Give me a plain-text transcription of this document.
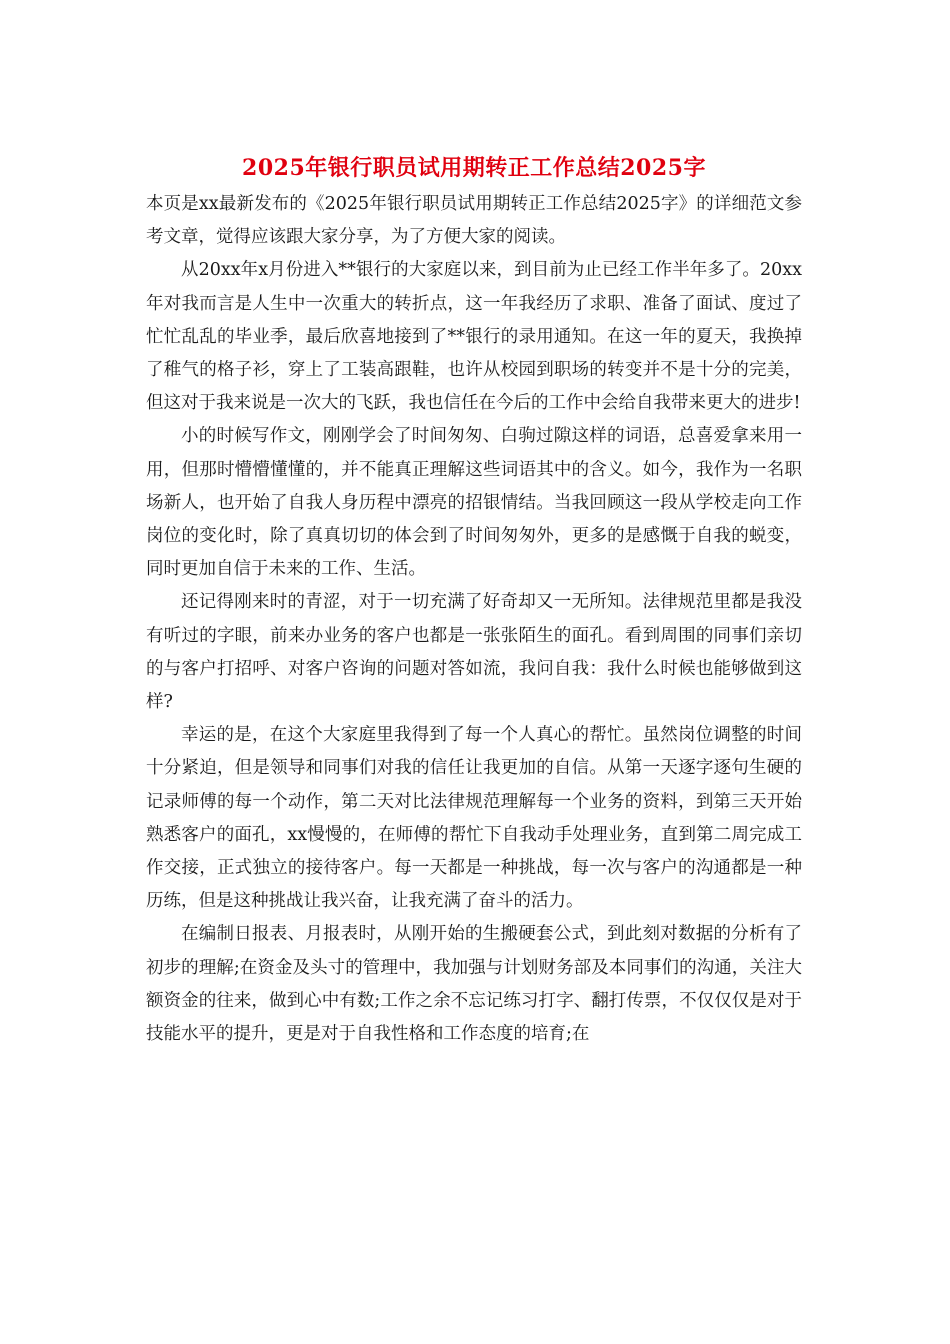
2025年银行职员试用期转正工作总结2025字

本页是xx最新发布的《2025年银行职员试用期转正工作总结2025字》的详细范文参考文章，觉得应该跟大家分享，为了方便大家的阅读。

从20xx年x月份进入**银行的大家庭以来，到目前为止已经工作半年多了。20xx年对我而言是人生中一次重大的转折点，这一年我经历了求职、准备了面试、度过了忙忙乱乱的毕业季，最后欣喜地接到了**银行的录用通知。在这一年的夏天，我换掉了稚气的格子衫，穿上了工装高跟鞋，也许从校园到职场的转变并不是十分的完美，但这对于我来说是一次大的飞跃，我也信任在今后的工作中会给自我带来更大的进步!

小的时候写作文，刚刚学会了时间匆匆、白驹过隙这样的词语，总喜爱拿来用一用，但那时懵懵懂懂的，并不能真正理解这些词语其中的含义。如今，我作为一名职场新人，也开始了自我人身历程中漂亮的招银情结。当我回顾这一段从学校走向工作岗位的变化时，除了真真切切的体会到了时间匆匆外，更多的是感慨于自我的蜕变，同时更加自信于未来的工作、生活。

还记得刚来时的青涩，对于一切充满了好奇却又一无所知。法律规范里都是我没有听过的字眼，前来办业务的客户也都是一张张陌生的面孔。看到周围的同事们亲切的与客户打招呼、对客户咨询的问题对答如流，我问自我：我什么时候也能够做到这样?

幸运的是，在这个大家庭里我得到了每一个人真心的帮忙。虽然岗位调整的时间十分紧迫，但是领导和同事们对我的信任让我更加的自信。从第一天逐字逐句生硬的记录师傅的每一个动作，第二天对比法律规范理解每一个业务的资料，到第三天开始熟悉客户的面孔，xx慢慢的，在师傅的帮忙下自我动手处理业务，直到第二周完成工作交接，正式独立的接待客户。每一天都是一种挑战，每一次与客户的沟通都是一种历练，但是这种挑战让我兴奋，让我充满了奋斗的活力。

在编制日报表、月报表时，从刚开始的生搬硬套公式，到此刻对数据的分析有了初步的理解;在资金及头寸的管理中，我加强与计划财务部及本同事们的沟通，关注大额资金的往来，做到心中有数;工作之余不忘记练习打字、翻打传票，不仅仅仅是对于技能水平的提升，更是对于自我性格和工作态度的培育;在
